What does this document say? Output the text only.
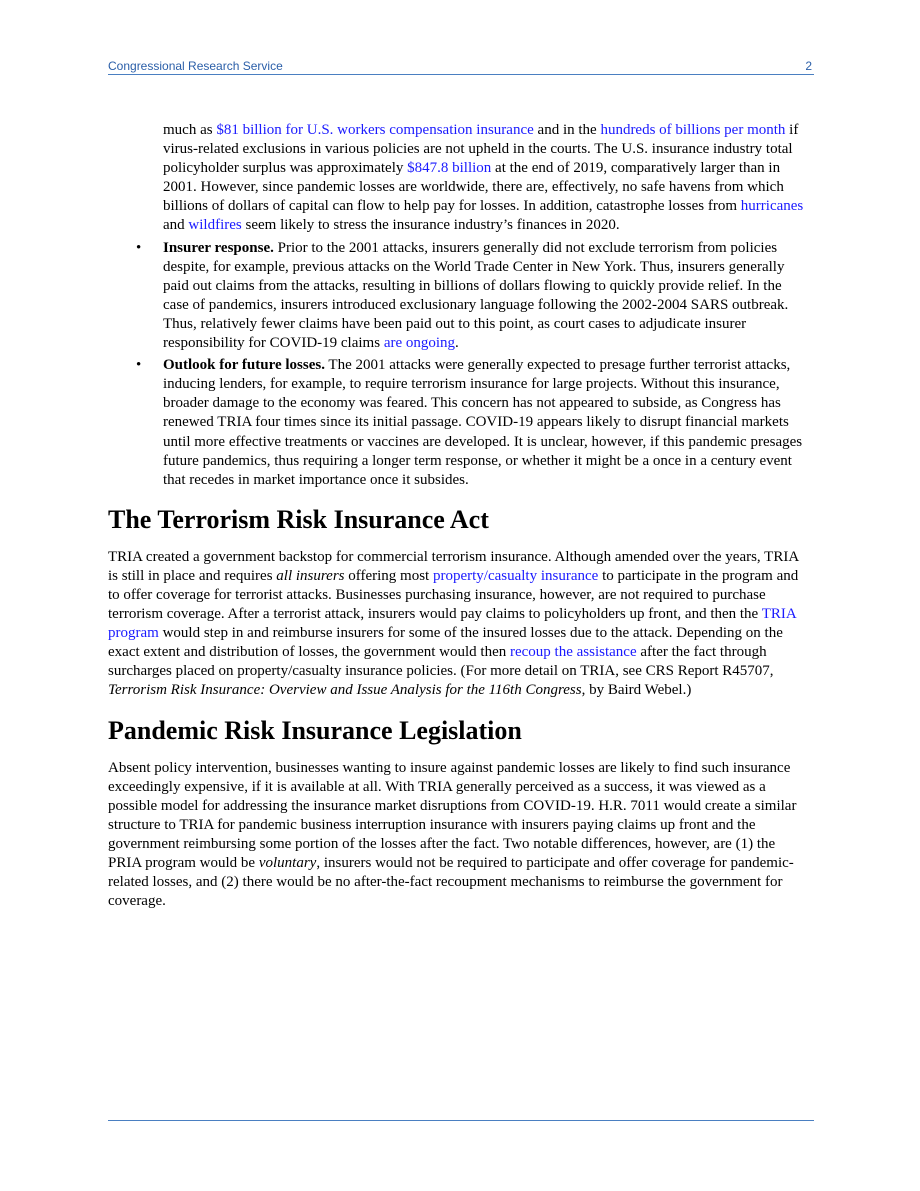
Congressional Research Service	2

much as $81 billion for U.S. workers compensation insurance and in the hundreds of billions per month if virus-related exclusions in various policies are not upheld in the courts. The U.S. insurance industry total policyholder surplus was approximately $847.8 billion at the end of 2019, comparatively larger than in 2001. However, since pandemic losses are worldwide, there are, effectively, no safe havens from which billions of dollars of capital can flow to help pay for losses. In addition, catastrophe losses from hurricanes and wildfires seem likely to stress the insurance industry’s finances in 2020.

• Insurer response. Prior to the 2001 attacks, insurers generally did not exclude terrorism from policies despite, for example, previous attacks on the World Trade Center in New York. Thus, insurers generally paid out claims from the attacks, resulting in billions of dollars flowing to quickly provide relief. In the case of pandemics, insurers introduced exclusionary language following the 2002-2004 SARS outbreak. Thus, relatively fewer claims have been paid out to this point, as court cases to adjudicate insurer responsibility for COVID-19 claims are ongoing.

• Outlook for future losses. The 2001 attacks were generally expected to presage further terrorist attacks, inducing lenders, for example, to require terrorism insurance for large projects. Without this insurance, broader damage to the economy was feared. This concern has not appeared to subside, as Congress has renewed TRIA four times since its initial passage. COVID-19 appears likely to disrupt financial markets until more effective treatments or vaccines are developed. It is unclear, however, if this pandemic presages future pandemics, thus requiring a longer term response, or whether it might be a once in a century event that recedes in market importance once it subsides.

The Terrorism Risk Insurance Act

TRIA created a government backstop for commercial terrorism insurance. Although amended over the years, TRIA is still in place and requires all insurers offering most property/casualty insurance to participate in the program and to offer coverage for terrorist attacks. Businesses purchasing insurance, however, are not required to purchase terrorism coverage. After a terrorist attack, insurers would pay claims to policyholders up front, and then the TRIA program would step in and reimburse insurers for some of the insured losses due to the attack. Depending on the exact extent and distribution of losses, the government would then recoup the assistance after the fact through surcharges placed on property/casualty insurance policies. (For more detail on TRIA, see CRS Report R45707, Terrorism Risk Insurance: Overview and Issue Analysis for the 116th Congress, by Baird Webel.)

Pandemic Risk Insurance Legislation

Absent policy intervention, businesses wanting to insure against pandemic losses are likely to find such insurance exceedingly expensive, if it is available at all. With TRIA generally perceived as a success, it was viewed as a possible model for addressing the insurance market disruptions from COVID-19. H.R. 7011 would create a similar structure to TRIA for pandemic business interruption insurance with insurers paying claims up front and the government reimbursing some portion of the losses after the fact. Two notable differences, however, are (1) the PRIA program would be voluntary, insurers would not be required to participate and offer coverage for pandemic-related losses, and (2) there would be no after-the-fact recoupment mechanisms to reimburse the government for coverage.
